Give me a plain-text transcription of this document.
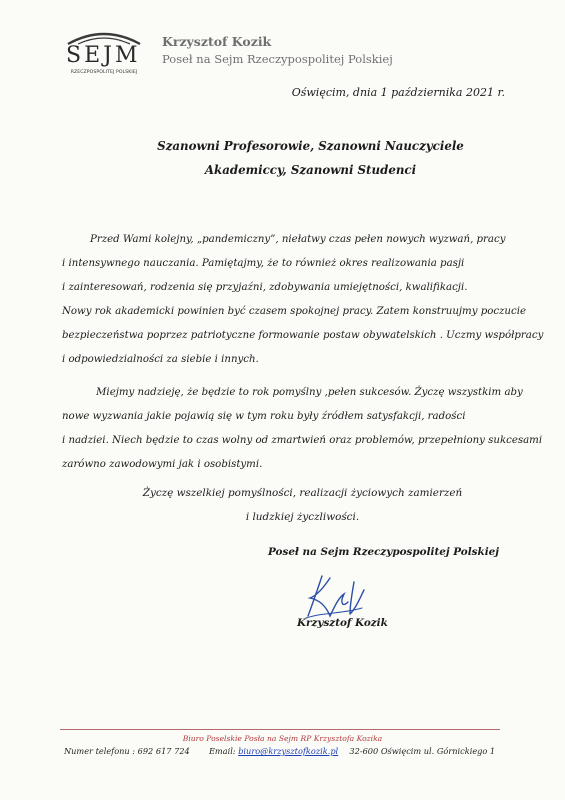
SEJM
RZECZPOSPOLITEJ POLSKIEJ
Krzysztof Kozik
Poseł na Sejm Rzeczypospolitej Polskiej
Oświęcim, dnia 1 października 2021 r.
Szanowni Profesorowie, Szanowni Nauczyciele
Akademiccy, Szanowni Studenci
Przed Wami kolejny, „pandemiczny”, niełatwy czas pełen nowych wyzwań, pracy
i intensywnego nauczania. Pamiętajmy, że to również okres realizowania pasji
i zainteresowań, rodzenia się przyjaźni, zdobywania umiejętności, kwalifikacji.
Nowy rok akademicki powinien być czasem spokojnej pracy. Zatem konstruujmy poczucie
bezpieczeństwa poprzez patriotyczne formowanie postaw obywatelskich . Uczmy współpracy
i odpowiedzialności za siebie i innych.
Miejmy nadzieję, że będzie to rok pomyślny ,pełen sukcesów. Życzę wszystkim aby
nowe wyzwania jakie pojawią się w tym roku były źródłem satysfakcji, radości
i nadziei. Niech będzie to czas wolny od zmartwień oraz problemów, przepełniony sukcesami
zarówno zawodowymi jak i osobistymi.
Życzę wszelkiej pomyślności, realizacji życiowych zamierzeń
i ludzkiej życzliwości.
Poseł na Sejm Rzeczypospolitej Polskiej
Krzysztof Kozik
Biuro Poselskie Posła na Sejm RP Krzysztofa Kozika
Numer telefonu : 692 617 724 Email: biuro@krzysztofkozik.pl 32-600 Oświęcim ul. Górnickiego 1
